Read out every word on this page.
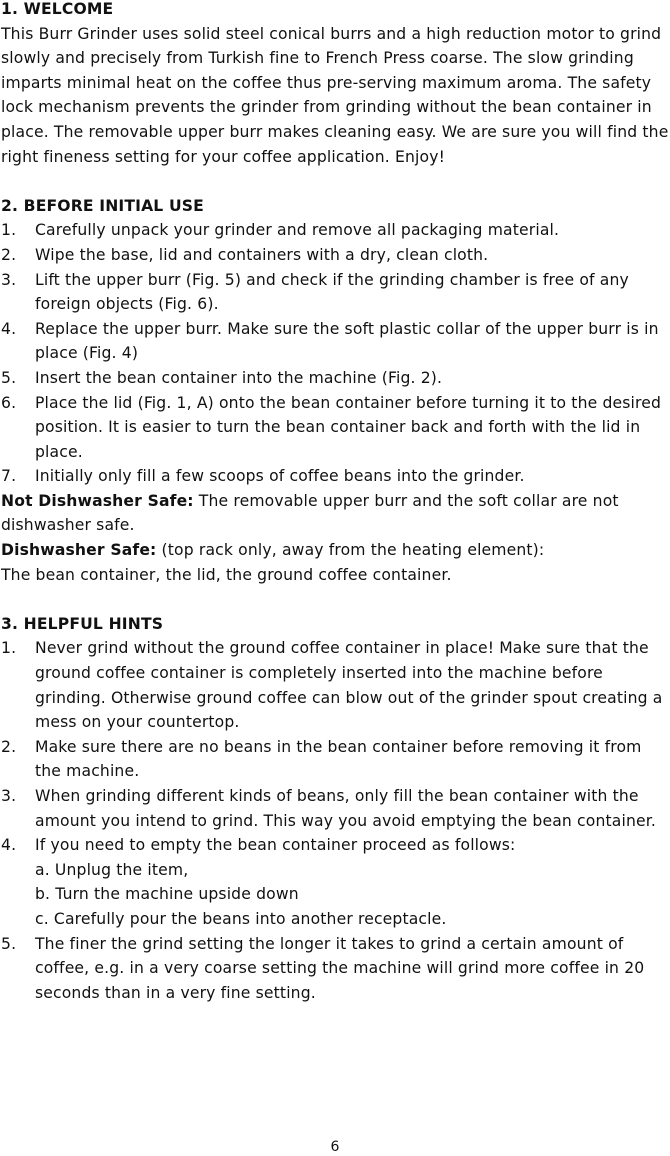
1. WELCOME

This Burr Grinder uses solid steel conical burrs and a high reduction motor to grind slowly and precisely from Turkish fine to French Press coarse. The slow grinding imparts minimal heat on the coffee thus pre-serving maximum aroma. The safety lock mechanism prevents the grinder from grinding without the bean container in place. The removable upper burr makes cleaning easy. We are sure you will find the right fineness setting for your coffee application. Enjoy!

2. BEFORE INITIAL USE

1. Carefully unpack your grinder and remove all packaging material.
2. Wipe the base, lid and containers with a dry, clean cloth.
3. Lift the upper burr (Fig. 5) and check if the grinding chamber is free of any foreign objects (Fig. 6).
4. Replace the upper burr. Make sure the soft plastic collar of the upper burr is in place (Fig. 4)
5. Insert the bean container into the machine (Fig. 2).
6. Place the lid (Fig. 1, A) onto the bean container before turning it to the desired position. It is easier to turn the bean container back and forth with the lid in place.
7. Initially only fill a few scoops of coffee beans into the grinder.

Not Dishwasher Safe: The removable upper burr and the soft collar are not dishwasher safe.

Dishwasher Safe: (top rack only, away from the heating element):

The bean container, the lid, the ground coffee container.

3. HELPFUL HINTS

1. Never grind without the ground coffee container in place! Make sure that the ground coffee container is completely inserted into the machine before grinding. Otherwise ground coffee can blow out of the grinder spout creating a mess on your countertop.
2. Make sure there are no beans in the bean container before removing it from the machine.
3. When grinding different kinds of beans, only fill the bean container with the amount you intend to grind. This way you avoid emptying the bean container.
4. If you need to empty the bean container proceed as follows:
a. Unplug the item,
b. Turn the machine upside down
c. Carefully pour the beans into another receptacle.
5. The finer the grind setting the longer it takes to grind a certain amount of coffee, e.g. in a very coarse setting the machine will grind more coffee in 20 seconds than in a very fine setting.
6
